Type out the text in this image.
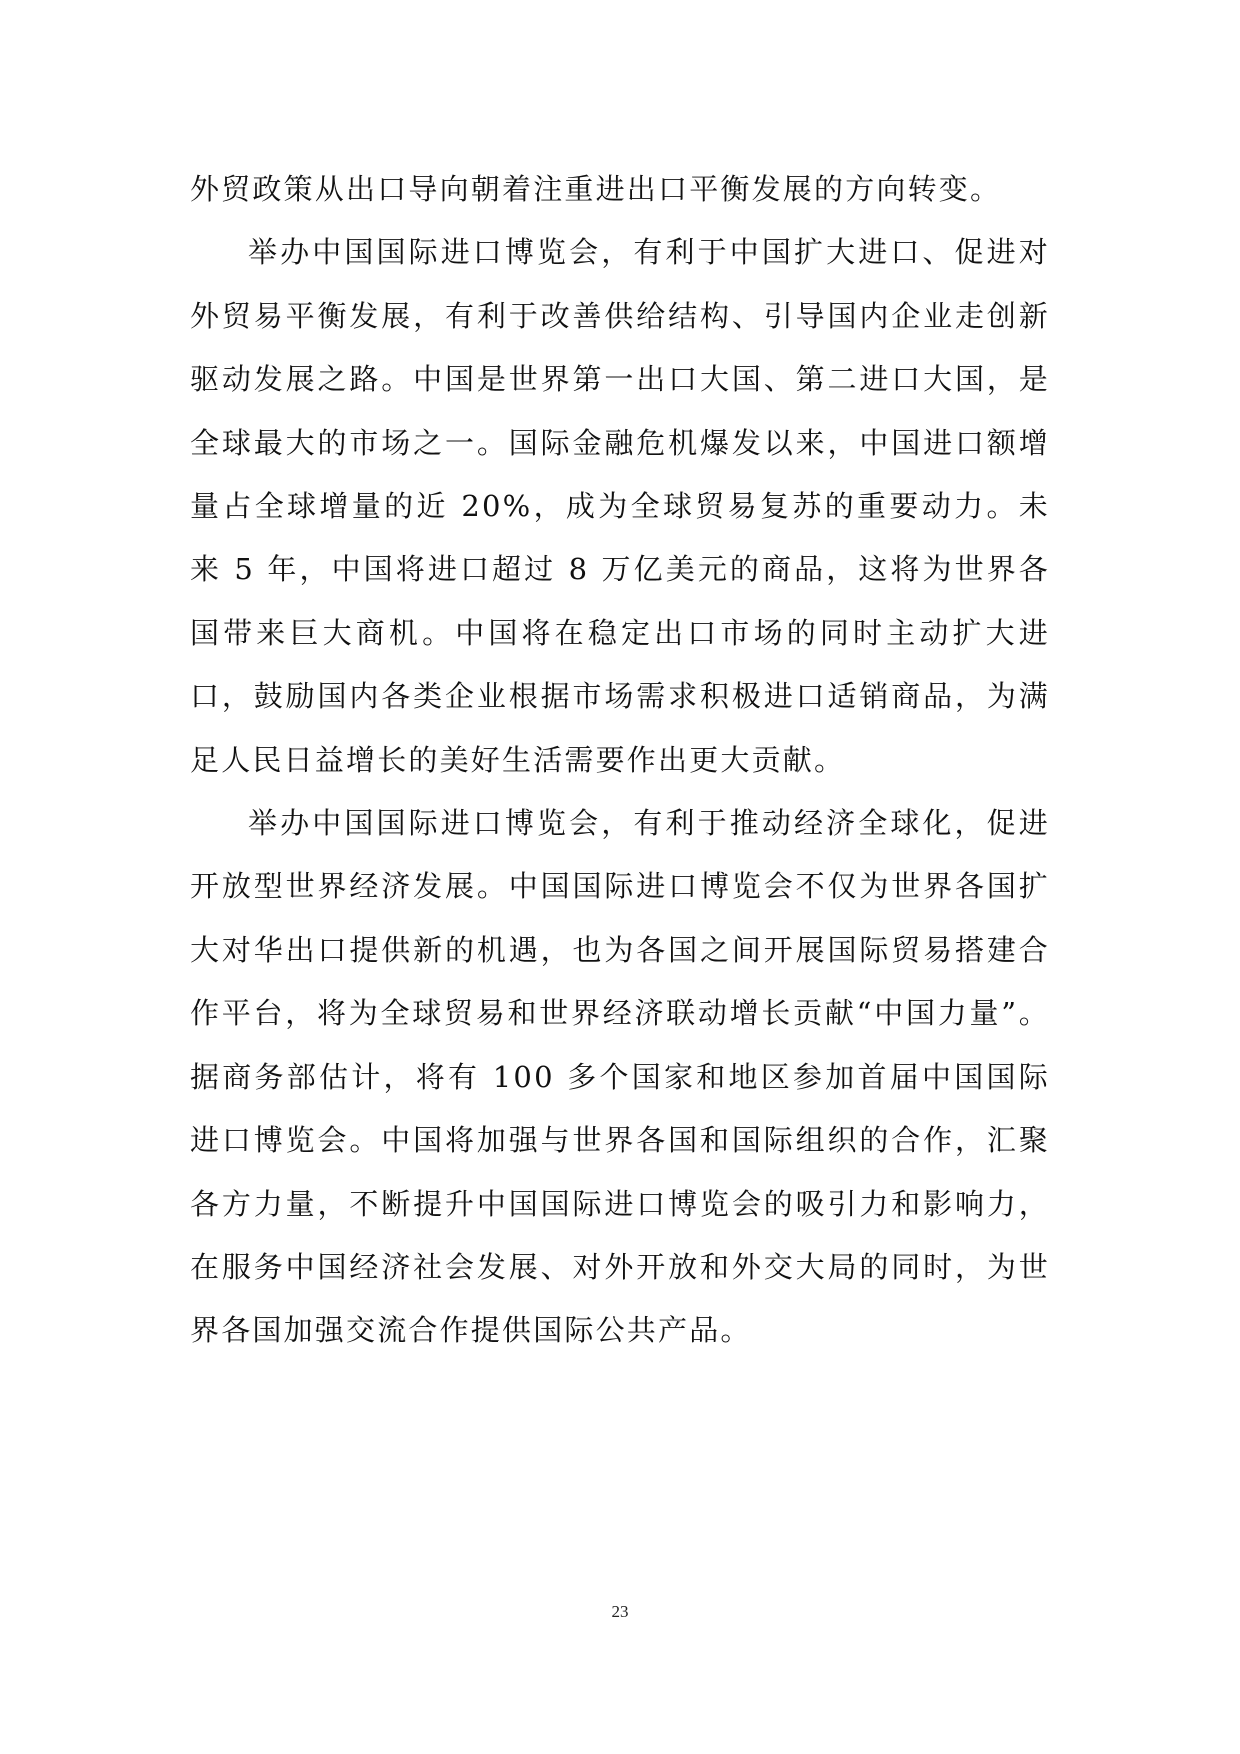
外贸政策从出口导向朝着注重进出口平衡发展的方向转变。

举办中国国际进口博览会，有利于中国扩大进口、促进对外贸易平衡发展，有利于改善供给结构、引导国内企业走创新驱动发展之路。中国是世界第一出口大国、第二进口大国，是全球最大的市场之一。国际金融危机爆发以来，中国进口额增量占全球增量的近 20%，成为全球贸易复苏的重要动力。未来 5 年，中国将进口超过 8 万亿美元的商品，这将为世界各国带来巨大商机。中国将在稳定出口市场的同时主动扩大进口，鼓励国内各类企业根据市场需求积极进口适销商品，为满足人民日益增长的美好生活需要作出更大贡献。

举办中国国际进口博览会，有利于推动经济全球化，促进开放型世界经济发展。中国国际进口博览会不仅为世界各国扩大对华出口提供新的机遇，也为各国之间开展国际贸易搭建合作平台，将为全球贸易和世界经济联动增长贡献“中国力量”。据商务部估计，将有 100 多个国家和地区参加首届中国国际进口博览会。中国将加强与世界各国和国际组织的合作，汇聚各方力量，不断提升中国国际进口博览会的吸引力和影响力，在服务中国经济社会发展、对外开放和外交大局的同时，为世界各国加强交流合作提供国际公共产品。

23
